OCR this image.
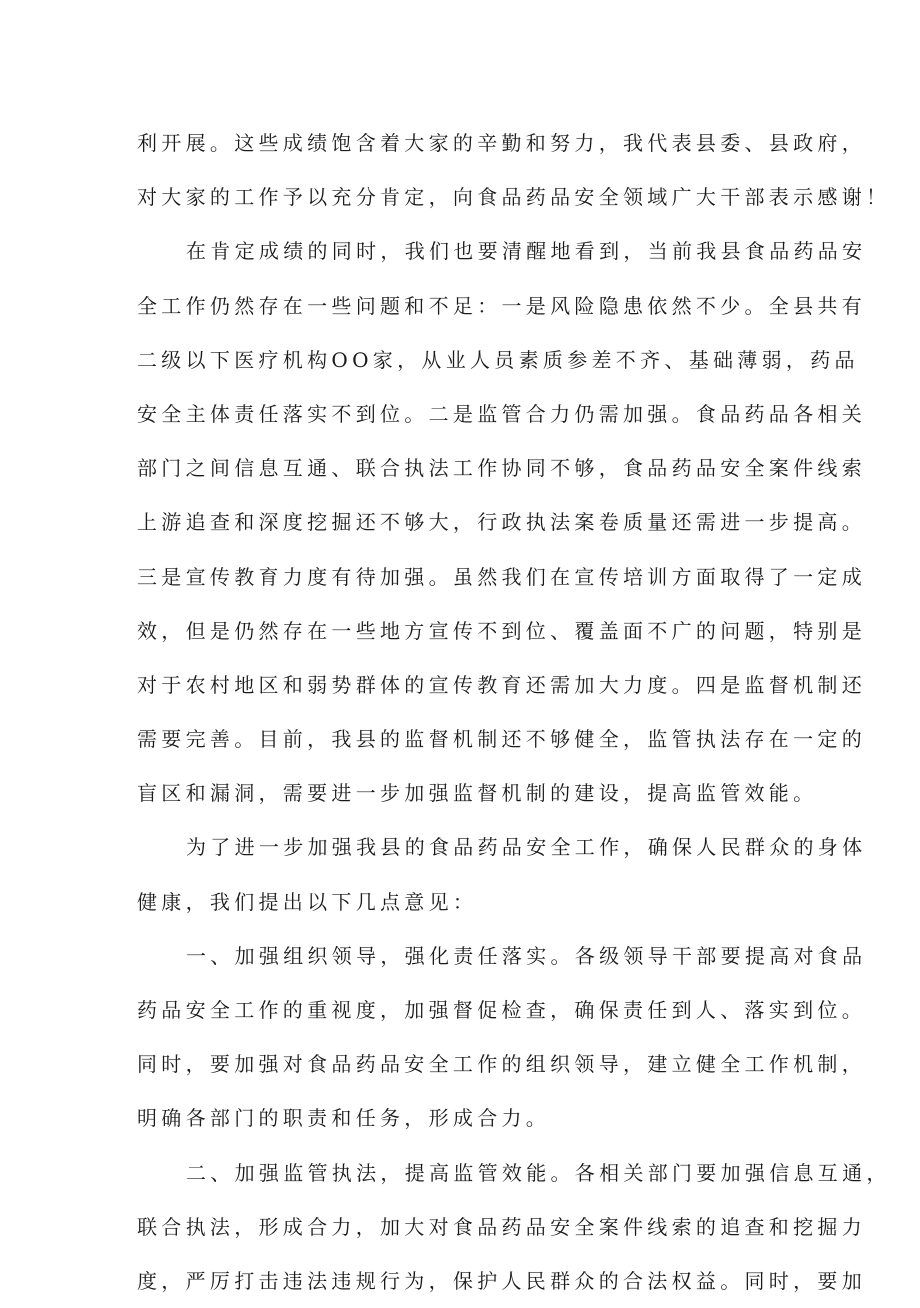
利开展。这些成绩饱含着大家的辛勤和努力，我代表县委、县政府，
对大家的工作予以充分肯定，向食品药品安全领域广大干部表示感谢！
在肯定成绩的同时，我们也要清醒地看到，当前我县食品药品安
全工作仍然存在一些问题和不足：一是风险隐患依然不少。全县共有
二级以下医疗机构OO家，从业人员素质参差不齐、基础薄弱，药品
安全主体责任落实不到位。二是监管合力仍需加强。食品药品各相关
部门之间信息互通、联合执法工作协同不够，食品药品安全案件线索
上游追查和深度挖掘还不够大，行政执法案卷质量还需进一步提高。
三是宣传教育力度有待加强。虽然我们在宣传培训方面取得了一定成
效，但是仍然存在一些地方宣传不到位、覆盖面不广的问题，特别是
对于农村地区和弱势群体的宣传教育还需加大力度。四是监督机制还
需要完善。目前，我县的监督机制还不够健全，监管执法存在一定的
盲区和漏洞，需要进一步加强监督机制的建设，提高监管效能。
为了进一步加强我县的食品药品安全工作，确保人民群众的身体
健康，我们提出以下几点意见：
一、加强组织领导，强化责任落实。各级领导干部要提高对食品
药品安全工作的重视度，加强督促检查，确保责任到人、落实到位。
同时，要加强对食品药品安全工作的组织领导，建立健全工作机制，
明确各部门的职责和任务，形成合力。
二、加强监管执法，提高监管效能。各相关部门要加强信息互通，
联合执法，形成合力，加大对食品药品安全案件线索的追查和挖掘力
度，严厉打击违法违规行为，保护人民群众的合法权益。同时，要加
